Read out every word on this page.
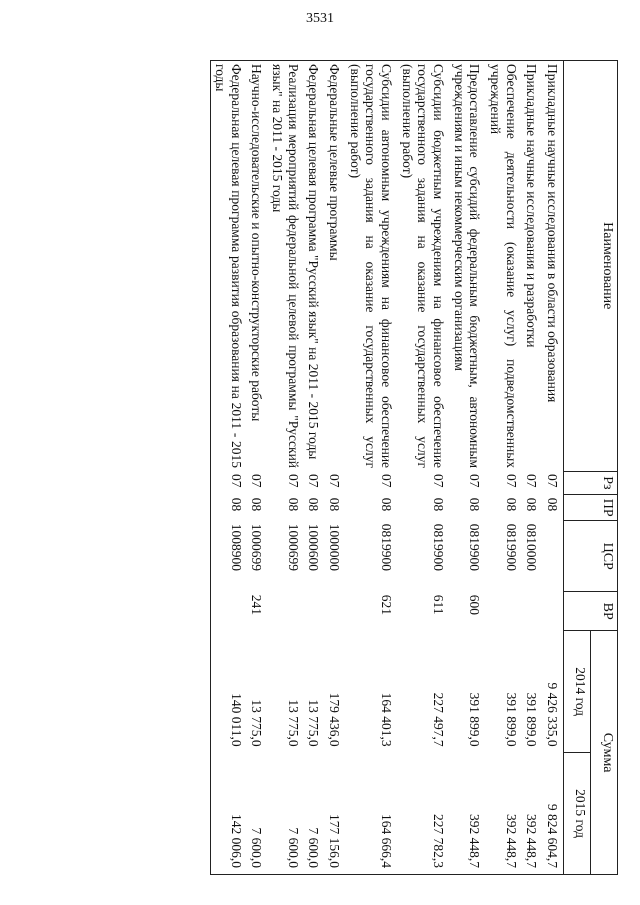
3531
Наименование	Рз	ПР	ЦСР	ВР	Сумма	
					2014 год	2015 год
Прикладные научные исследования в области образования	07	08			9 426 335,0	9 824 604,7
Прикладные научные исследования и разработки	07	08	0810000		391 899,0	392 448,7
Обеспечение деятельности (оказание услуг) подведомственных учреждений	07	08	0819900		391 899,0	392 448,7
Предоставление субсидий федеральным бюджетным, автономным учреждениям и иным некоммерческим организациям	07	08	0819900	600	391 899,0	392 448,7
Субсидии бюджетным учреждениям на финансовое обеспечение государственного задания на оказание государственных услуг (выполнение работ)	07	08	0819900	611	227 497,7	227 782,3
Субсидии автономным учреждениям на финансовое обеспечение государственного задания на оказание государственных услуг (выполнение работ)	07	08	0819900	621	164 401,3	164 666,4
Федеральные целевые программы	07	08	1000000		179 436,0	177 156,0
Федеральная целевая программа "Русский язык" на 2011 - 2015 годы	07	08	1000600		13 775,0	7 600,0
Реализация мероприятий федеральной целевой программы "Русский язык" на 2011 - 2015 годы	07	08	1000699		13 775,0	7 600,0
Научно-исследовательские и опытно-конструкторские работы	07	08	1000699	241	13 775,0	7 600,0
Федеральная целевая программа развития образования на 2011 - 2015 годы	07	08	1008900		140 011,0	142 006,0
